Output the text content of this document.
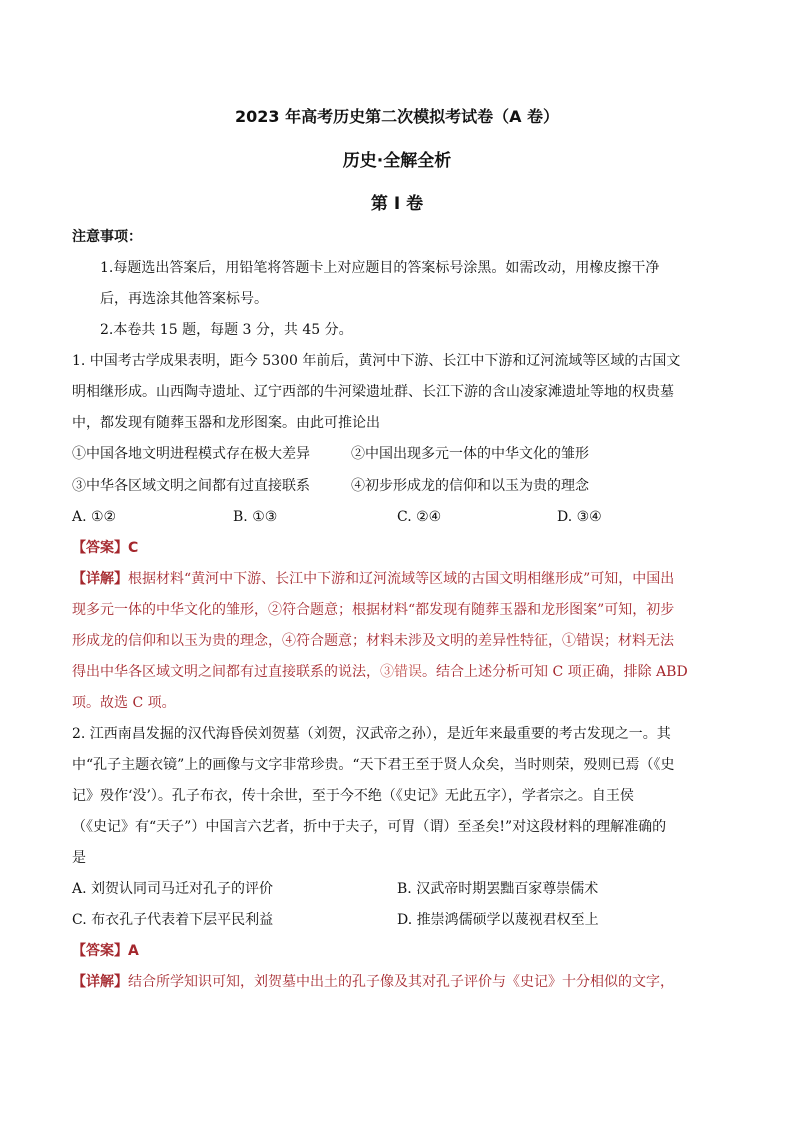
2023 年高考历史第二次模拟考试卷（A 卷）
历史·全解全析
第 I 卷
注意事项：
1.每题选出答案后，用铅笔将答题卡上对应题目的答案标号涂黑。如需改动，用橡皮擦干净
后，再选涂其他答案标号。
2.本卷共 15 题，每题 3 分，共 45 分。
1. 中国考古学成果表明，距今 5300 年前后，黄河中下游、长江中下游和辽河流域等区域的古国文
明相继形成。山西陶寺遗址、辽宁西部的牛河梁遗址群、长江下游的含山凌家滩遗址等地的权贵墓
中，都发现有随葬玉器和龙形图案。由此可推论出
①中国各地文明进程模式存在极大差异	②中国出现多元一体的中华文化的雏形
③中华各区域文明之间都有过直接联系	④初步形成龙的信仰和以玉为贵的理念
A. ①②	B. ①③	C. ②④	D. ③④
【答案】C
【详解】根据材料“黄河中下游、长江中下游和辽河流域等区域的古国文明相继形成”可知，中国出
现多元一体的中华文化的雏形，②符合题意；根据材料“都发现有随葬玉器和龙形图案”可知，初步
形成龙的信仰和以玉为贵的理念，④符合题意；材料未涉及文明的差异性特征，①错误；材料无法
得出中华各区域文明之间都有过直接联系的说法，③错误。结合上述分析可知 C 项正确，排除 ABD
项。故选 C 项。
2. 江西南昌发掘的汉代海昏侯刘贺墓（刘贺，汉武帝之孙），是近年来最重要的考古发现之一。其
中“孔子主题衣镜”上的画像与文字非常珍贵。“天下君王至于贤人众矣，当时则荣，殁则已焉（《史
记》殁作‘没’）。孔子布衣，传十余世，至于今不绝（《史记》无此五字），学者宗之。自王侯
（《史记》有“天子”）中国言六艺者，折中于夫子，可胃（谓）至圣矣!”对这段材料的理解准确的
是
A. 刘贺认同司马迁对孔子的评价	B. 汉武帝时期罢黜百家尊崇儒术
C. 布衣孔子代表着下层平民利益	D. 推崇鸿儒硕学以蔑视君权至上
【答案】A
【详解】结合所学知识可知，刘贺墓中出土的孔子像及其对孔子评价与《史记》十分相似的文字，
